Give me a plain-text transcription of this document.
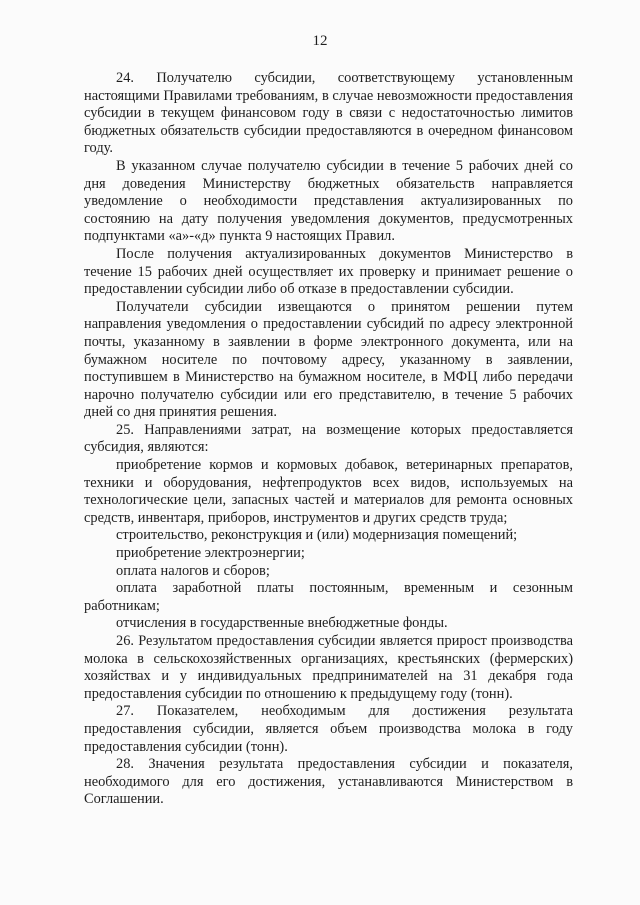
12

24. Получателю субсидии, соответствующему установленным настоящими Правилами требованиям, в случае невозможности предоставления субсидии в текущем финансовом году в связи с недостаточностью лимитов бюджетных обязательств субсидии предоставляются в очередном финансовом году.

В указанном случае получателю субсидии в течение 5 рабочих дней со дня доведения Министерству бюджетных обязательств направляется уведомление о необходимости представления актуализированных по состоянию на дату получения уведомления документов, предусмотренных подпунктами «а»-«д» пункта 9 настоящих Правил.

После получения актуализированных документов Министерство в течение 15 рабочих дней осуществляет их проверку и принимает решение о предоставлении субсидии либо об отказе в предоставлении субсидии.

Получатели субсидии извещаются о принятом решении путем направления уведомления о предоставлении субсидий по адресу электронной почты, указанному в заявлении в форме электронного документа, или на бумажном носителе по почтовому адресу, указанному в заявлении, поступившем в Министерство на бумажном носителе, в МФЦ либо передачи нарочно получателю субсидии или его представителю, в течение 5 рабочих дней со дня принятия решения.

25. Направлениями затрат, на возмещение которых предоставляется субсидия, являются:

приобретение кормов и кормовых добавок, ветеринарных препаратов, техники и оборудования, нефтепродуктов всех видов, используемых на технологические цели, запасных частей и материалов для ремонта основных средств, инвентаря, приборов, инструментов и других средств труда;

строительство, реконструкция и (или) модернизация помещений;

приобретение электроэнергии;

оплата налогов и сборов;

оплата заработной платы постоянным, временным и сезонным работникам;

отчисления в государственные внебюджетные фонды.

26. Результатом предоставления субсидии является прирост производства молока в сельскохозяйственных организациях, крестьянских (фермерских) хозяйствах и у индивидуальных предпринимателей на 31 декабря года предоставления субсидии по отношению к предыдущему году (тонн).

27. Показателем, необходимым для достижения результата предоставления субсидии, является объем производства молока в году предоставления субсидии (тонн).

28. Значения результата предоставления субсидии и показателя, необходимого для его достижения, устанавливаются Министерством в Соглашении.
